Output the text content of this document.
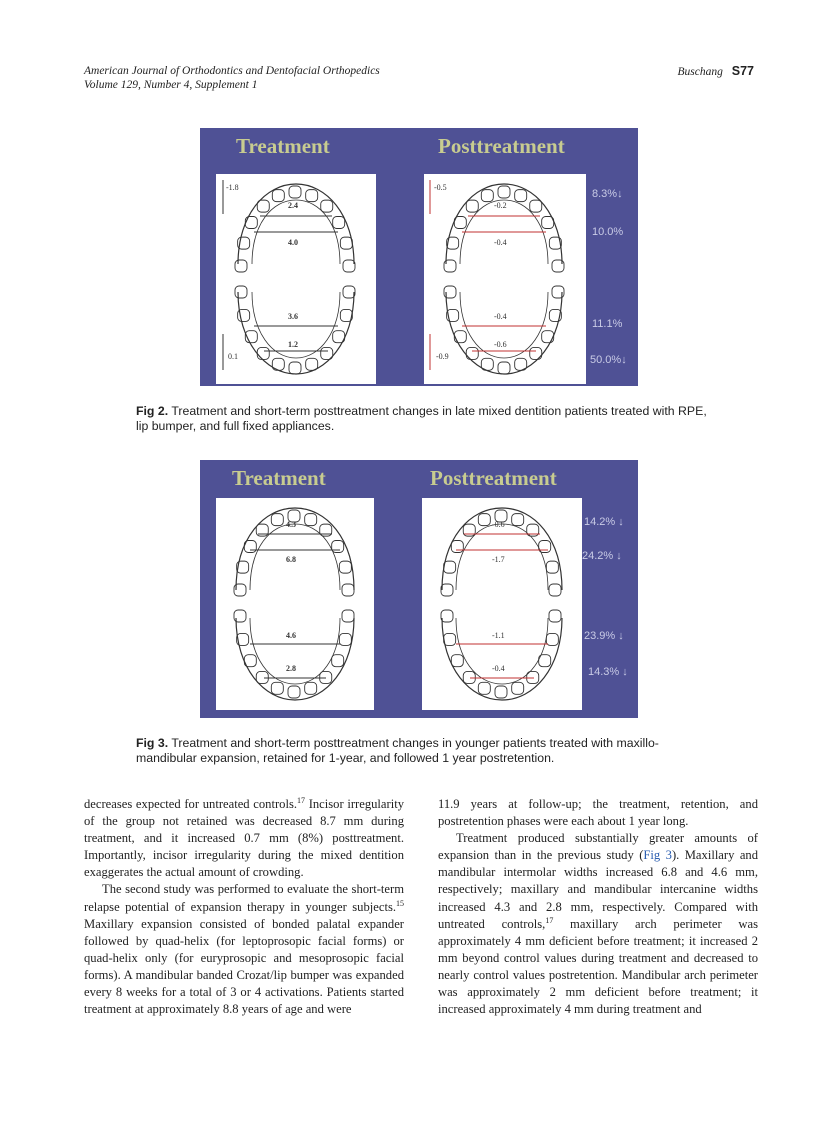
American Journal of Orthodontics and Dentofacial Orthopedics
Volume 129, Number 4, Supplement 1
Buschang S77
Treatment	Posttreatment
-1.8
2.4
4.0
3.6
1.2
0.1
-0.5
-0.2
-0.4
-0.4
-0.6
-0.9
8.3%↓
10.0%
11.1%
50.0%↓
Fig 2. Treatment and short-term posttreatment changes in late mixed dentition patients treated with RPE, lip bumper, and full fixed appliances.
Treatment	Posttreatment
4.3
6.8
4.6
2.8
-0.6
-1.7
-1.1
-0.4
14.2% ↓
24.2% ↓
23.9% ↓
14.3% ↓
Fig 3. Treatment and short-term posttreatment changes in younger patients treated with maxillo-mandibular expansion, retained for 1-year, and followed 1 year postretention.

decreases expected for untreated controls.$^{17}$ Incisor irregularity of the group not retained was decreased 8.7 mm during treatment, and it increased 0.7 mm (8%) posttreatment. Importantly, incisor irregularity during the mixed dentition exaggerates the actual amount of crowding.

The second study was performed to evaluate the short-term relapse potential of expansion therapy in younger subjects.$^{15}$ Maxillary expansion consisted of bonded palatal expander followed by quad-helix (for leptoprosopic facial forms) or quad-helix only (for euryprosopic and mesoprosopic facial forms). A mandibular banded Crozat/lip bumper was expanded every 8 weeks for a total of 3 or 4 activations. Patients started treatment at approximately 8.8 years of age and were

11.9 years at follow-up; the treatment, retention, and postretention phases were each about 1 year long.

Treatment produced substantially greater amounts of expansion than in the previous study (Fig 3). Maxillary and mandibular intermolar widths increased 6.8 and 4.6 mm, respectively; maxillary and mandibular intercanine widths increased 4.3 and 2.8 mm, respectively. Compared with untreated controls,$^{17}$ maxillary arch perimeter was approximately 4 mm deficient before treatment; it increased 2 mm beyond control values during treatment and decreased to nearly control values postretention. Mandibular arch perimeter was approximately 2 mm deficient before treatment; it increased approximately 4 mm during treatment and
